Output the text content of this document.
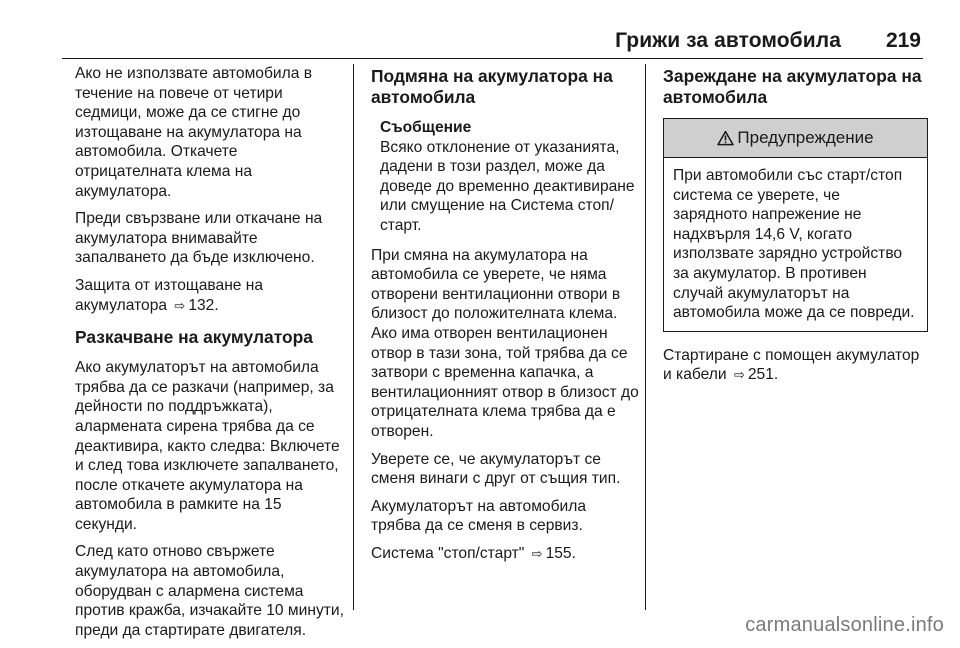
Грижи за автомобила 219

Ако не използвате автомобила в течение на повече от четири седмици, може да се стигне до изтощаване на акумулатора на автомобила. Откачете отрицателната клема на акумулатора.

Преди свързване или откачане на акумулатора внимавайте запалването да бъде изключено.

Защита от изтощаване на акумулатора ⇨ 132.

Разкачване на акумулатора

Ако акумулаторът на автомобила трябва да се разкачи (например, за дейности по поддръжката), алармената сирена трябва да се деактивира, както следва: Включете и след това изключете запалването, после откачете акумулатора на автомобила в рамките на 15 секунди.

След като отново свържете акумулатора на автомобила, оборудван с алармена система против кражба, изчакайте 10 минути, преди да стартирате двигателя.

Подмяна на акумулатора на автомобила
Съобщение
Всяко отклонение от указанията, дадени в този раздел, може да доведе до временно деактивиране или смущение на Система стоп/старт.

При смяна на акумулатора на автомобила се уверете, че няма отворени вентилационни отвори в близост до положителната клема. Ако има отворен вентилационен отвор в тази зона, той трябва да се затвори с временна капачка, а вентилационният отвор в близост до отрицателната клема трябва да е отворен.

Уверете се, че акумулаторът се сменя винаги с друг от същия тип.

Акумулаторът на автомобила трябва да се сменя в сервиз.

Система "стоп/старт" ⇨ 155.

Зареждане на акумулатора на автомобила
Предупреждение
При автомобили със старт/стоп система се уверете, че зарядното напрежение не надхвърля 14,6 V, когато използвате зарядно устройство за акумулатор. В противен случай акумулаторът на автомобила може да се повреди.

Стартиране с помощен акумулатор и кабели ⇨ 251.

carmanualsonline.info
